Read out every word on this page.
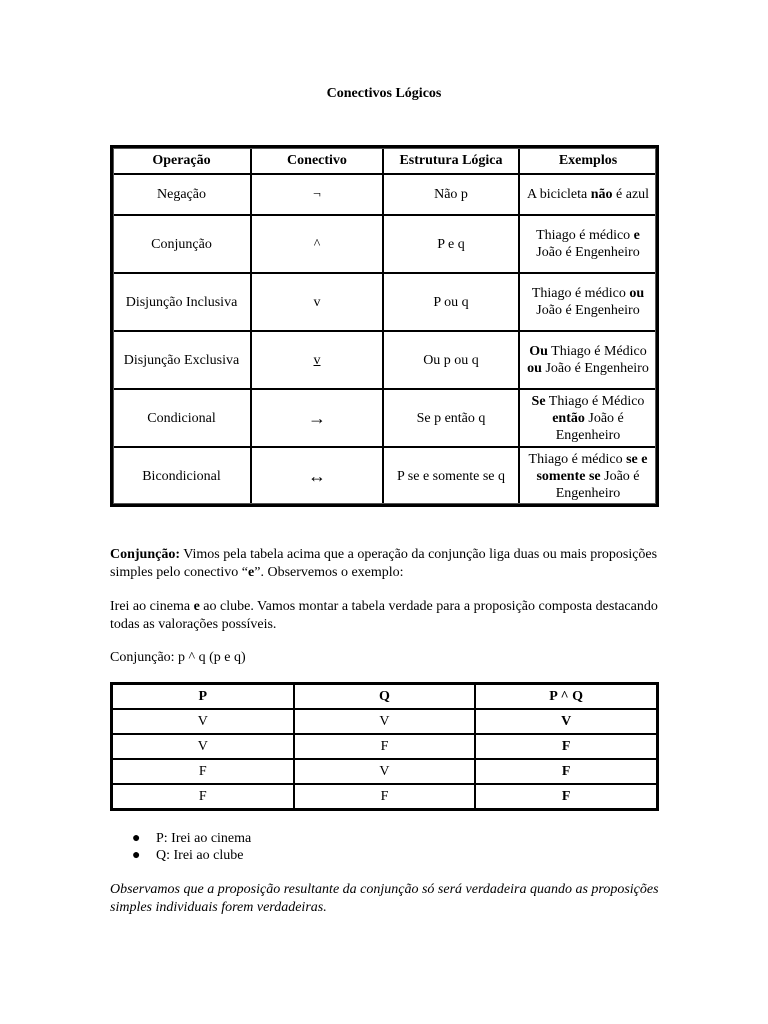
Conectivos Lógicos
Operação	Conectivo	Estrutura Lógica	Exemplos
Negação	¬	Não p	A bicicleta não é azul
Conjunção	^	P e q	Thiago é médico e João é Engenheiro
Disjunção Inclusiva	v	P ou q	Thiago é médico ou João é Engenheiro
Disjunção Exclusiva	v	Ou p ou q	Ou Thiago é Médico ou João é Engenheiro
Condicional	→	Se p então q	Se Thiago é Médico então João é Engenheiro
Bicondicional	↔	P se e somente se q	Thiago é médico se e somente se João é Engenheiro
Conjunção: Vimos pela tabela acima que a operação da conjunção liga duas ou mais proposições simples pelo conectivo “e”. Observemos o exemplo:
Irei ao cinema e ao clube. Vamos montar a tabela verdade para a proposição composta destacando todas as valorações possíveis.
Conjunção: p ^ q (p e q)
P	Q	P ^ Q
V	V	V
V	F	F
F	V	F
F	F	F
● P: Irei ao cinema
● Q: Irei ao clube
Observamos que a proposição resultante da conjunção só será verdadeira quando as proposições simples individuais forem verdadeiras.
